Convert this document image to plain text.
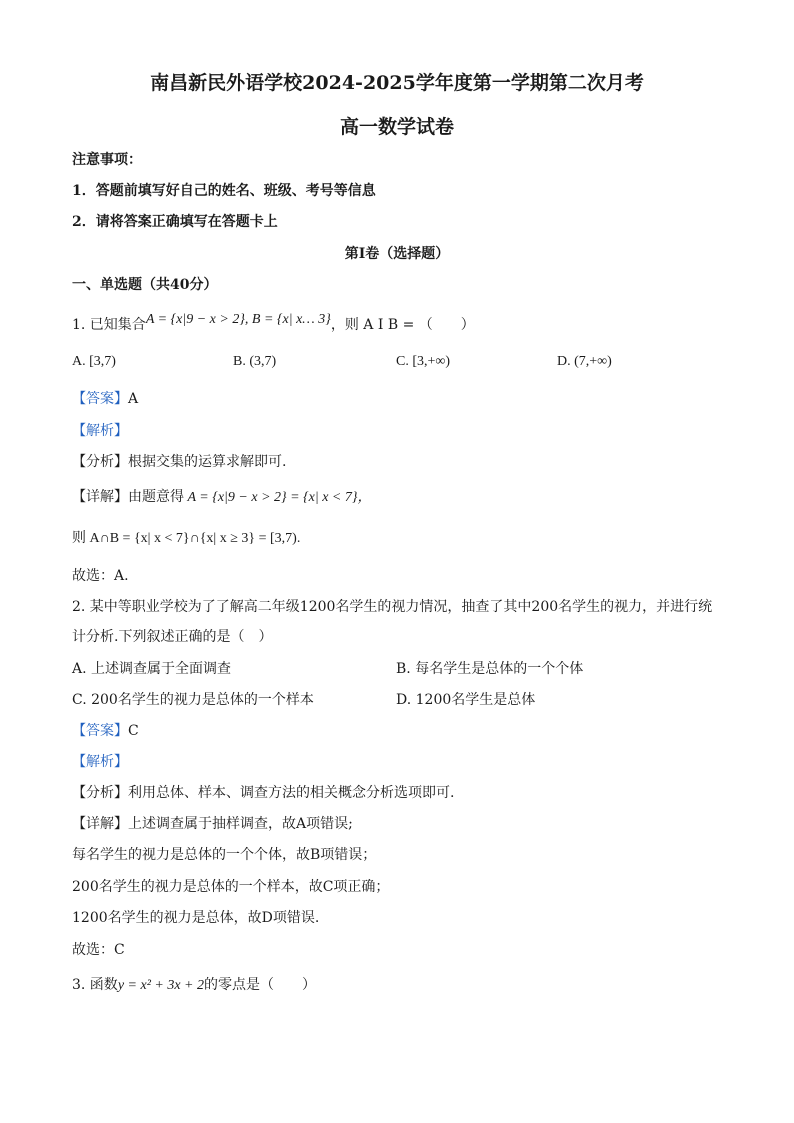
南昌新民外语学校2024-2025学年度第一学期第二次月考
高一数学试卷
注意事项：
1．答题前填写好自己的姓名、班级、考号等信息
2．请将答案正确填写在答题卡上
第I卷（选择题）
一、单选题（共40分）
1. 已知集合A = {x|9 − x > 2}, B = {x| x… 3}，则 A I B = （　　）
A. [3,7)	B. (3,7)	C. [3,+∞)	D. (7,+∞)
【答案】A
【解析】
【分析】根据交集的运算求解即可.
【详解】由题意得 A = {x|9 − x > 2} = {x| x < 7}，
则 A∩B = {x| x < 7}∩{x| x ≥ 3} = [3,7).
故选：A.
2. 某中等职业学校为了了解高二年级1200名学生的视力情况，抽查了其中200名学生的视力，并进行统
计分析.下列叙述正确的是（　）
A. 上述调查属于全面调查	B. 每名学生是总体的一个个体
C. 200名学生的视力是总体的一个样本	D. 1200名学生是总体
【答案】C
【解析】
【分析】利用总体、样本、调查方法的相关概念分析选项即可.
【详解】上述调查属于抽样调查，故A项错误;
每名学生的视力是总体的一个个体，故B项错误；
200名学生的视力是总体的一个样本，故C项正确；
1200名学生的视力是总体，故D项错误.
故选：C
3. 函数y = x² + 3x + 2的零点是（　　）
